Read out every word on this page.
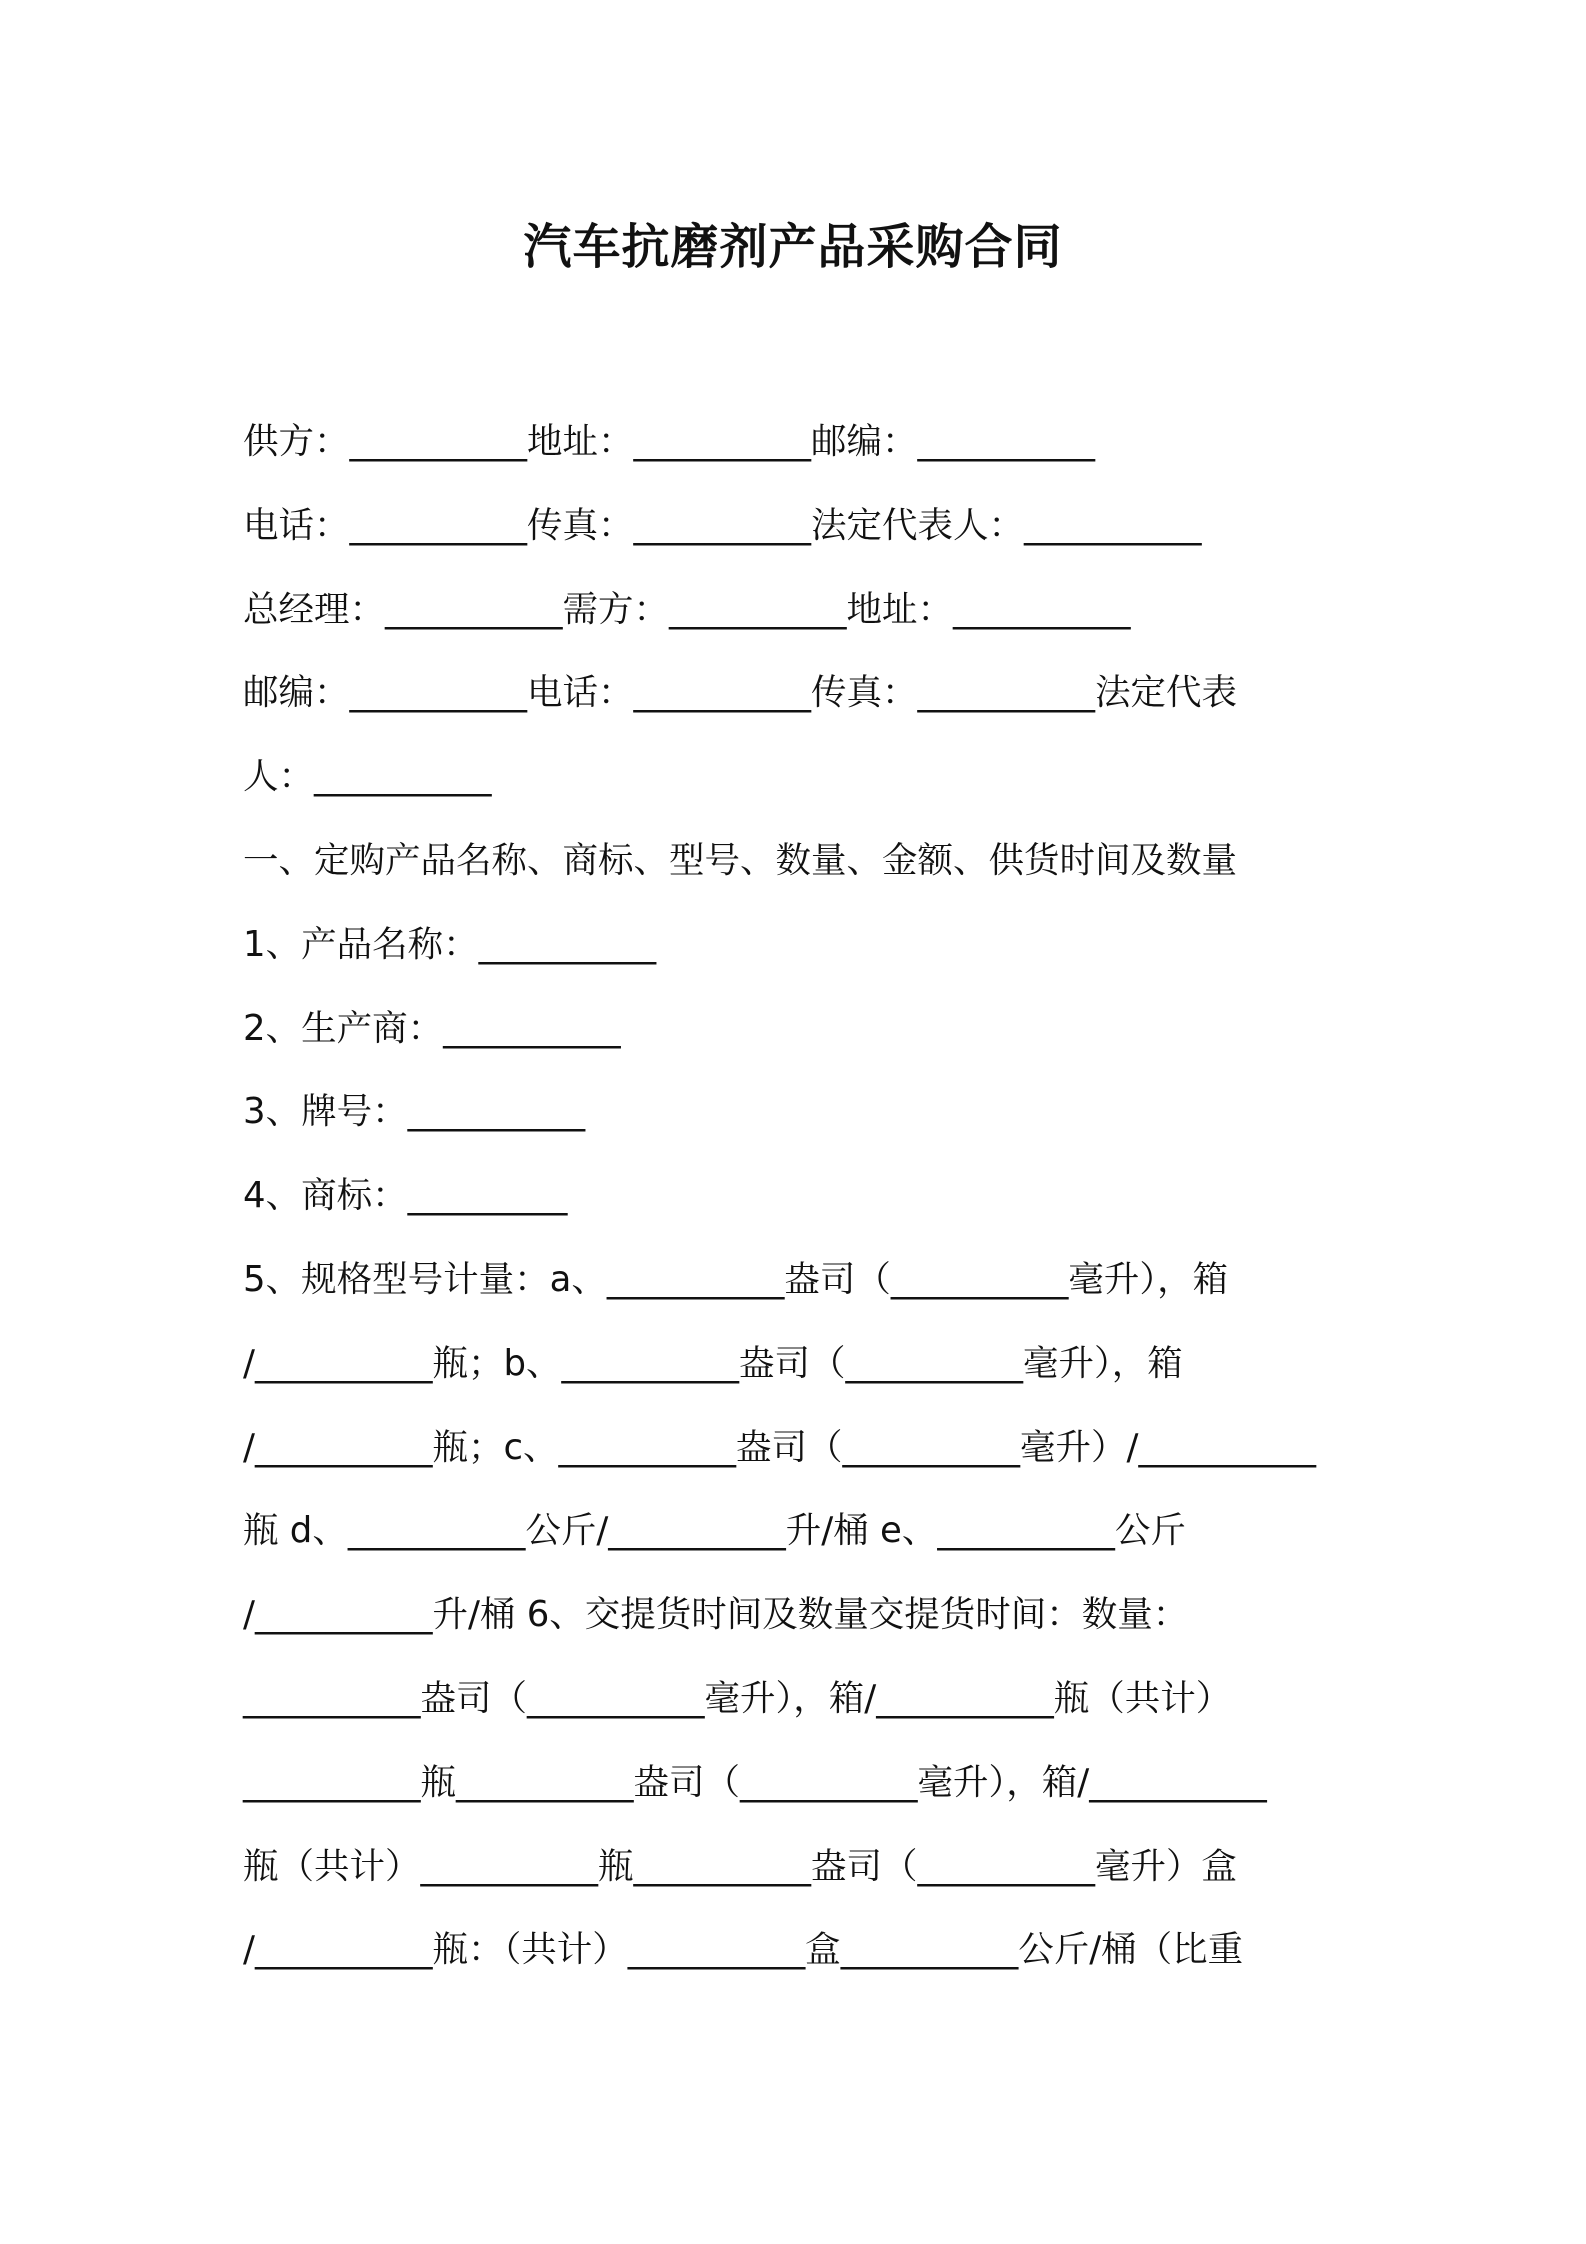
汽车抗磨剂产品采购合同
供方：__________地址：__________邮编：__________
电话：__________传真：__________法定代表人：__________
总经理：__________需方：__________地址：__________
邮编：__________电话：__________传真：__________法定代表
人：__________
一、定购产品名称、商标、型号、数量、金额、供货时间及数量
1、产品名称：__________
2、生产商：__________
3、牌号：__________
4、商标：_________
5、规格型号计量：a、__________盎司（__________毫升），箱
/__________瓶；b、__________盎司（__________毫升），箱
/__________瓶；c、__________盎司（__________毫升）/__________
瓶 d、__________公斤/__________升/桶 e、__________公斤
/__________升/桶 6、交提货时间及数量交提货时间：数量：
__________盎司（__________毫升），箱/__________瓶（共计）
__________瓶__________盎司（__________毫升），箱/__________
瓶（共计）__________瓶__________盎司（__________毫升）盒
/__________瓶：（共计）__________盒__________公斤/桶（比重
